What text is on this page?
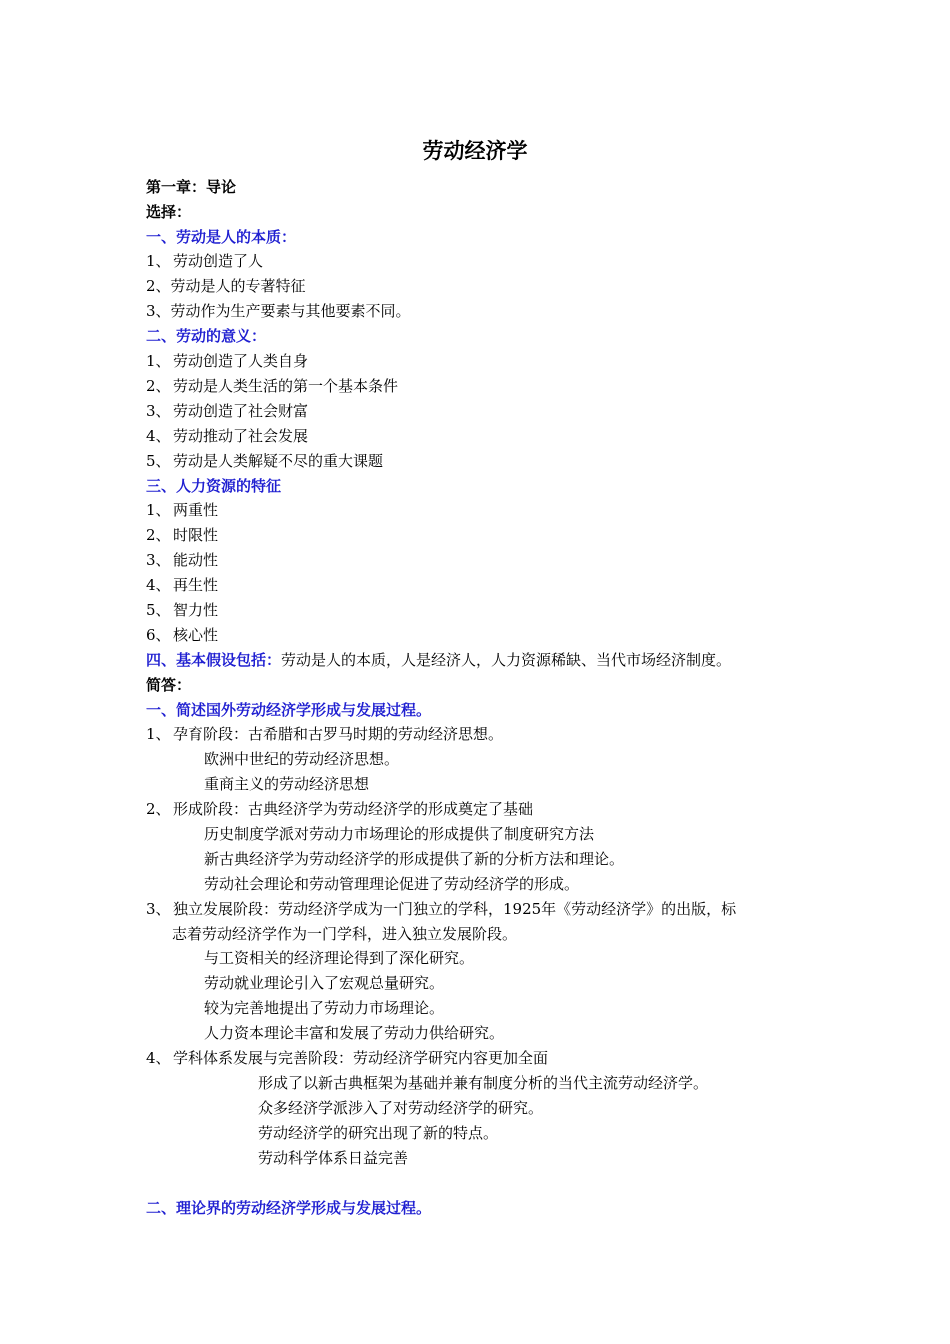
劳动经济学
第一章：导论
选择：
一、劳动是人的本质：
1、 劳动创造了人
2、劳动是人的专著特征
3、劳动作为生产要素与其他要素不同。
二、劳动的意义：
1、 劳动创造了人类自身
2、 劳动是人类生活的第一个基本条件
3、 劳动创造了社会财富
4、 劳动推动了社会发展
5、 劳动是人类解疑不尽的重大课题
三、人力资源的特征
1、 两重性
2、 时限性
3、 能动性
4、 再生性
5、 智力性
6、 核心性
四、基本假设包括：劳动是人的本质，人是经济人，人力资源稀缺、当代市场经济制度。
简答：
一、简述国外劳动经济学形成与发展过程。
1、 孕育阶段：古希腊和古罗马时期的劳动经济思想。
欧洲中世纪的劳动经济思想。
重商主义的劳动经济思想
2、 形成阶段：古典经济学为劳动经济学的形成奠定了基础
历史制度学派对劳动力市场理论的形成提供了制度研究方法
新古典经济学为劳动经济学的形成提供了新的分析方法和理论。
劳动社会理论和劳动管理理论促进了劳动经济学的形成。
3、 独立发展阶段：劳动经济学成为一门独立的学科，1925年《劳动经济学》的出版，标
志着劳动经济学作为一门学科，进入独立发展阶段。
与工资相关的经济理论得到了深化研究。
劳动就业理论引入了宏观总量研究。
较为完善地提出了劳动力市场理论。
人力资本理论丰富和发展了劳动力供给研究。
4、 学科体系发展与完善阶段：劳动经济学研究内容更加全面
形成了以新古典框架为基础并兼有制度分析的当代主流劳动经济学。
众多经济学派涉入了对劳动经济学的研究。
劳动经济学的研究出现了新的特点。
劳动科学体系日益完善
二、理论界的劳动经济学形成与发展过程。
